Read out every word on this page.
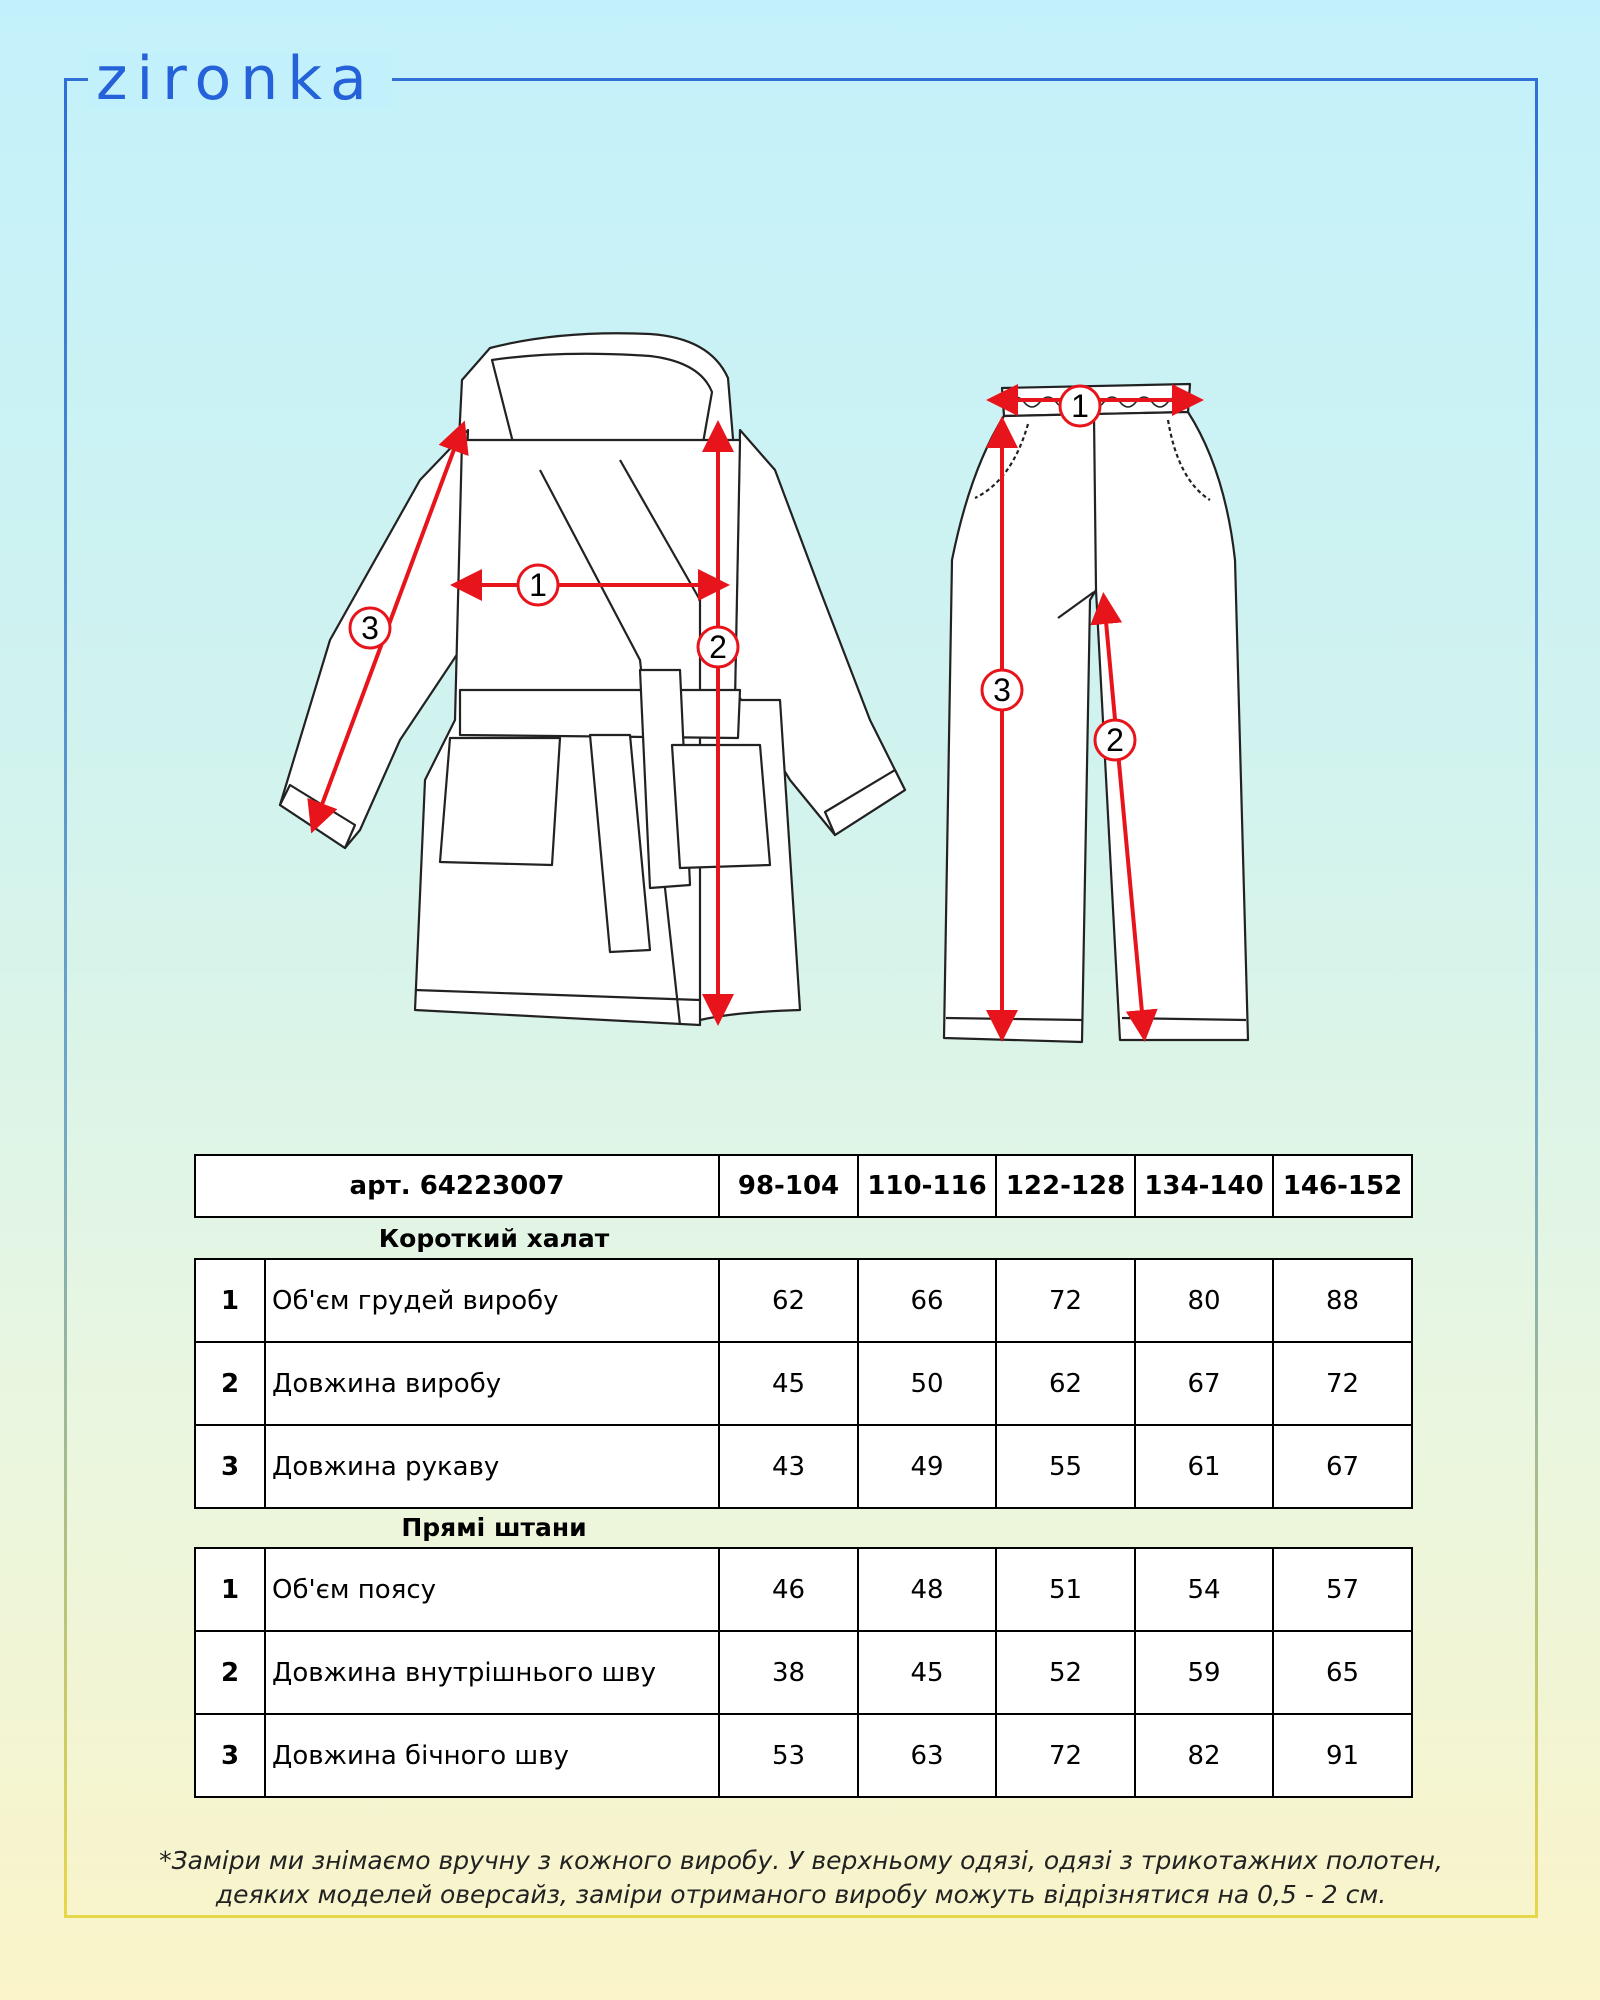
zironka
1
2
3
1
2
3
арт. 64223007	98-104	110-116	122-128	134-140	146-152
Короткий халат
1	Об'єм грудей виробу	62	66	72	80	88
2	Довжина виробу	45	50	62	67	72
3	Довжина рукаву	43	49	55	61	67
Прямі штани
1	Об'єм поясу	46	48	51	54	57
2	Довжина внутрішнього шву	38	45	52	59	65
3	Довжина бічного шву	53	63	72	82	91
*Заміри ми знімаємо вручну з кожного виробу. У верхньому одязі, одязі з трикотажних полотен,
деяких моделей оверсайз, заміри отриманого виробу можуть відрізнятися на 0,5 - 2 см.
